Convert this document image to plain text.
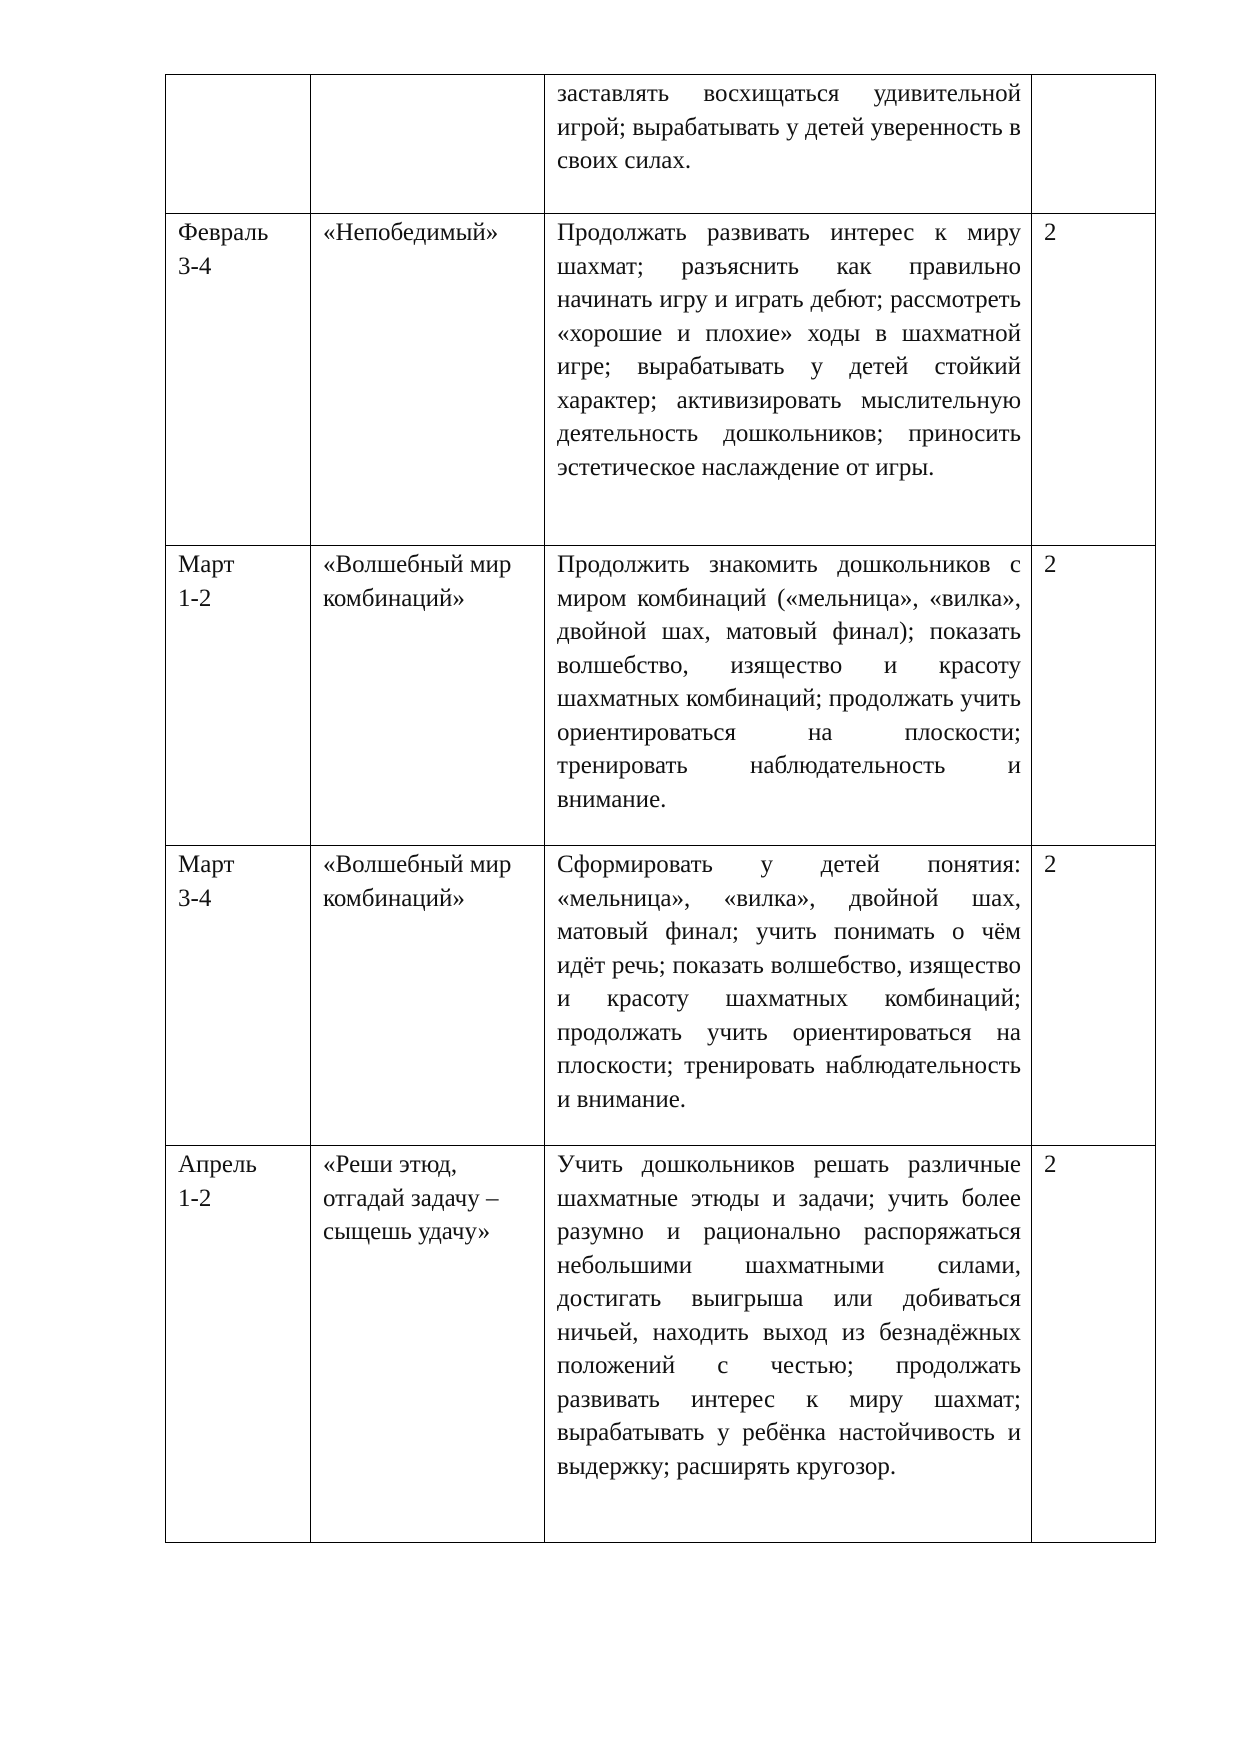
		заставлять восхищаться удивительной игрой; вырабатывать у детей уверенность в своих силах.	

Февраль
3-4	«Непобедимый»	Продолжать развивать интерес к миру шахмат; разъяснить как правильно начинать игру и играть дебют; рассмотреть «хорошие и плохие» ходы в шахматной игре; вырабатывать у детей стойкий характер; активизировать мыслительную деятельность дошкольников; приносить эстетическое наслаждение от игры.	2

Март
1-2	«Волшебный мир комбинаций»	Продолжить знакомить дошкольников с миром комбинаций («мельница», «вилка», двойной шах, матовый финал); показать волшебство, изящество и красоту шахматных комбинаций; продолжать учить ориентироваться на плоскости; тренировать наблюдательность и внимание.	2

Март
3-4	«Волшебный мир комбинаций»	Сформировать у детей понятия: «мельница», «вилка», двойной шах, матовый финал; учить понимать о чём идёт речь; показать волшебство, изящество и красоту шахматных комбинаций; продолжать учить ориентироваться на плоскости; тренировать наблюдательность и внимание.	2

Апрель
1-2	«Реши этюд, отгадай задачу – сыщешь удачу»	Учить дошкольников решать различные шахматные этюды и задачи; учить более разумно и рационально распоряжаться небольшими шахматными силами, достигать выигрыша или добиваться ничьей, находить выход из безнадёжных положений с честью; продолжать развивать интерес к миру шахмат; вырабатывать у ребёнка настойчивость и выдержку; расширять кругозор.	2
